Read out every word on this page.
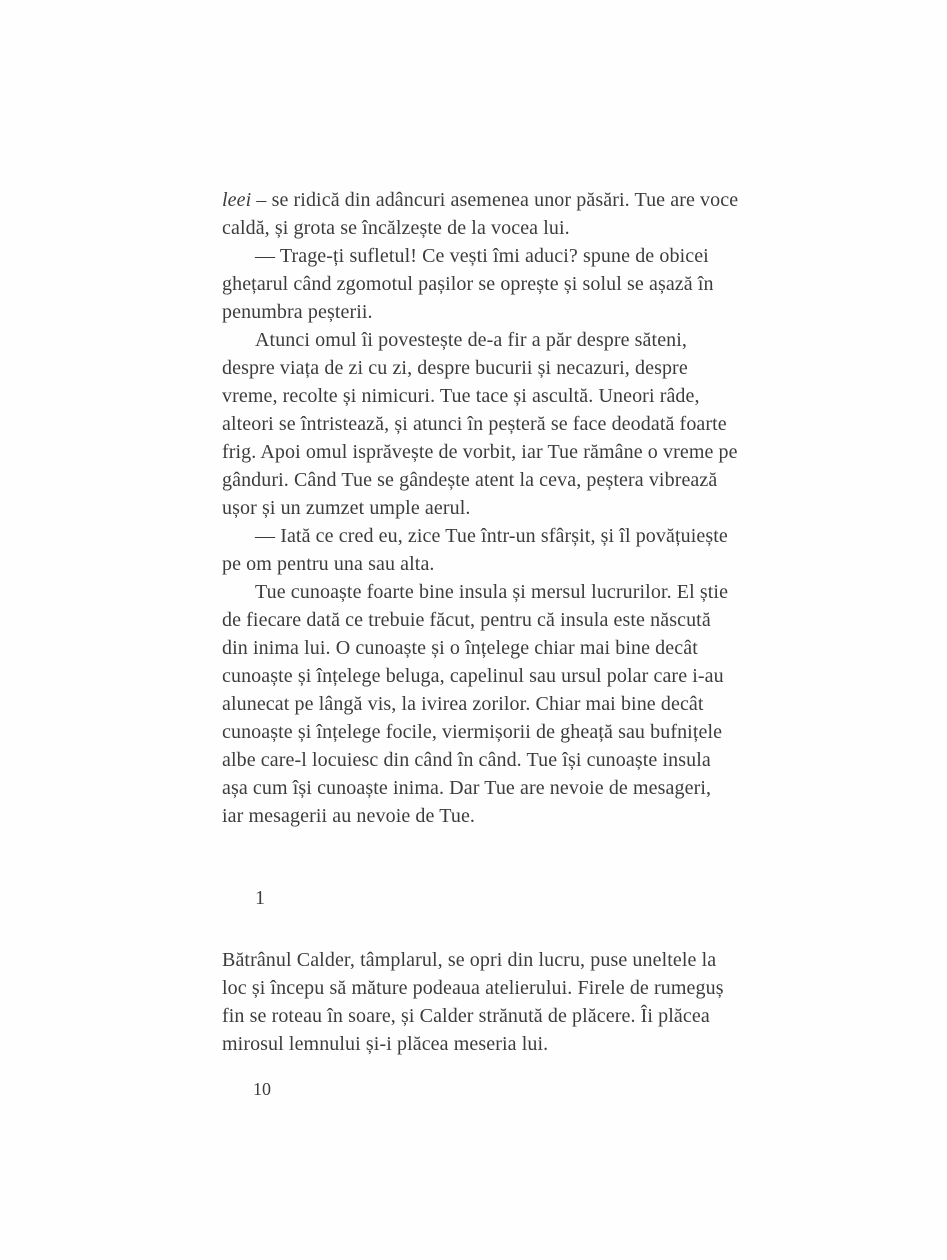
leei – se ridică din adâncuri asemenea unor păsări. Tue are voce
caldă, și grota se încălzește de la vocea lui.
— Trage-ți sufletul! Ce vești îmi aduci? spune de obicei
ghețarul când zgomotul pașilor se oprește și solul se așază în
penumbra peșterii.
Atunci omul îi povestește de-a fir a păr despre săteni,
despre viața de zi cu zi, despre bucurii și necazuri, despre
vreme, recolte și nimicuri. Tue tace și ascultă. Uneori râde,
alteori se întristează, și atunci în peșteră se face deodată foarte
frig. Apoi omul isprăvește de vorbit, iar Tue rămâne o vreme pe
gânduri. Când Tue se gândește atent la ceva, peștera vibrează
ușor și un zumzet umple aerul.
— Iată ce cred eu, zice Tue într-un sfârșit, și îl povățuiește
pe om pentru una sau alta.
Tue cunoaște foarte bine insula și mersul lucrurilor. El știe
de fiecare dată ce trebuie făcut, pentru că insula este născută
din inima lui. O cunoaște și o înțelege chiar mai bine decât
cunoaște și înțelege beluga, capelinul sau ursul polar care i-au
alunecat pe lângă vis, la ivirea zorilor. Chiar mai bine decât
cunoaște și înțelege focile, viermișorii de gheață sau bufnițele
albe care-l locuiesc din când în când. Tue își cunoaște insula
așa cum își cunoaște inima. Dar Tue are nevoie de mesageri,
iar mesagerii au nevoie de Tue.
1
Bătrânul Calder, tâmplarul, se opri din lucru, puse uneltele la
loc și începu să măture podeaua atelierului. Firele de rumeguș
fin se roteau în soare, și Calder strănută de plăcere. Îi plăcea
mirosul lemnului și-i plăcea meseria lui.
10
